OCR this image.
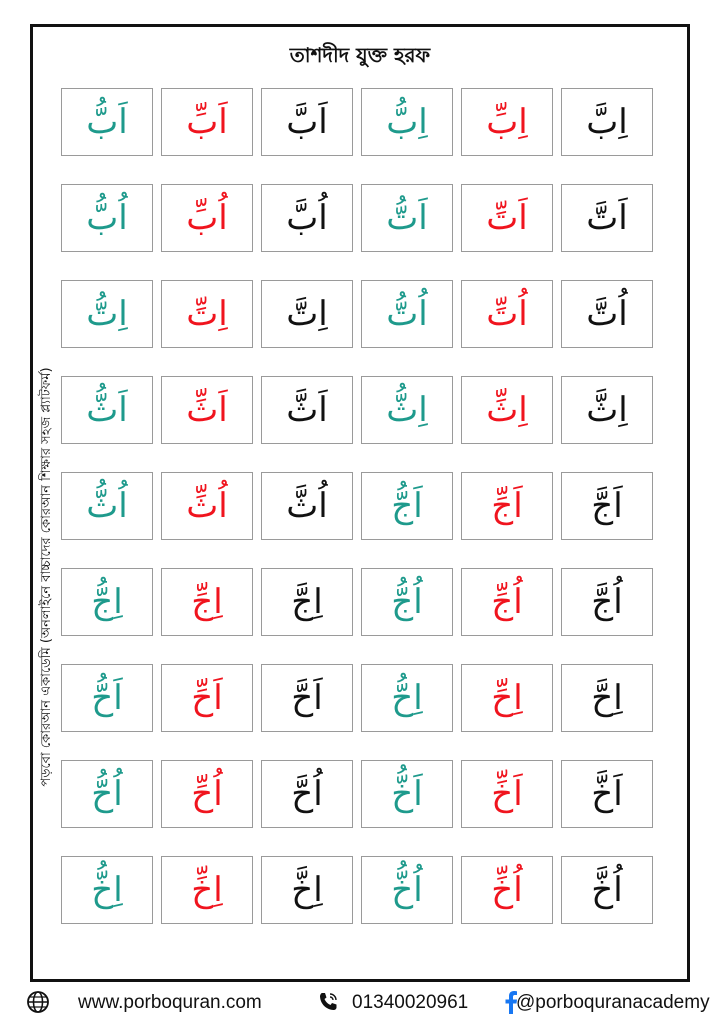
তাশদীদ যুক্ত হরফ
পড়বো কোরআন একাডেমি (অনলাইনে বাচ্চাদের কোরআন শিক্ষার সহজ প্ল্যাটফর্ম)
اَبُّ	اَبِّ	اَبَّ	اِبُّ	اِبِّ	اِبَّ
اُبُّ	اُبِّ	اُبَّ	اَتُّ	اَتِّ	اَتَّ
اِتُّ	اِتِّ	اِتَّ	اُتُّ	اُتِّ	اُتَّ
اَثُّ	اَثِّ	اَثَّ	اِثُّ	اِثِّ	اِثَّ
اُثُّ	اُثِّ	اُثَّ	اَجُّ	اَجِّ	اَجَّ
اِجُّ	اِجِّ	اِجَّ	اُجُّ	اُجِّ	اُجَّ
اَحُّ	اَحِّ	اَحَّ	اِحُّ	اِحِّ	اِحَّ
اُحُّ	اُحِّ	اُحَّ	اَخُّ	اَخِّ	اَخَّ
اِخُّ	اِخِّ	اِخَّ	اُخُّ	اُخِّ	اُخَّ
www.porboquran.com	01340020961	@porboquranacademy
